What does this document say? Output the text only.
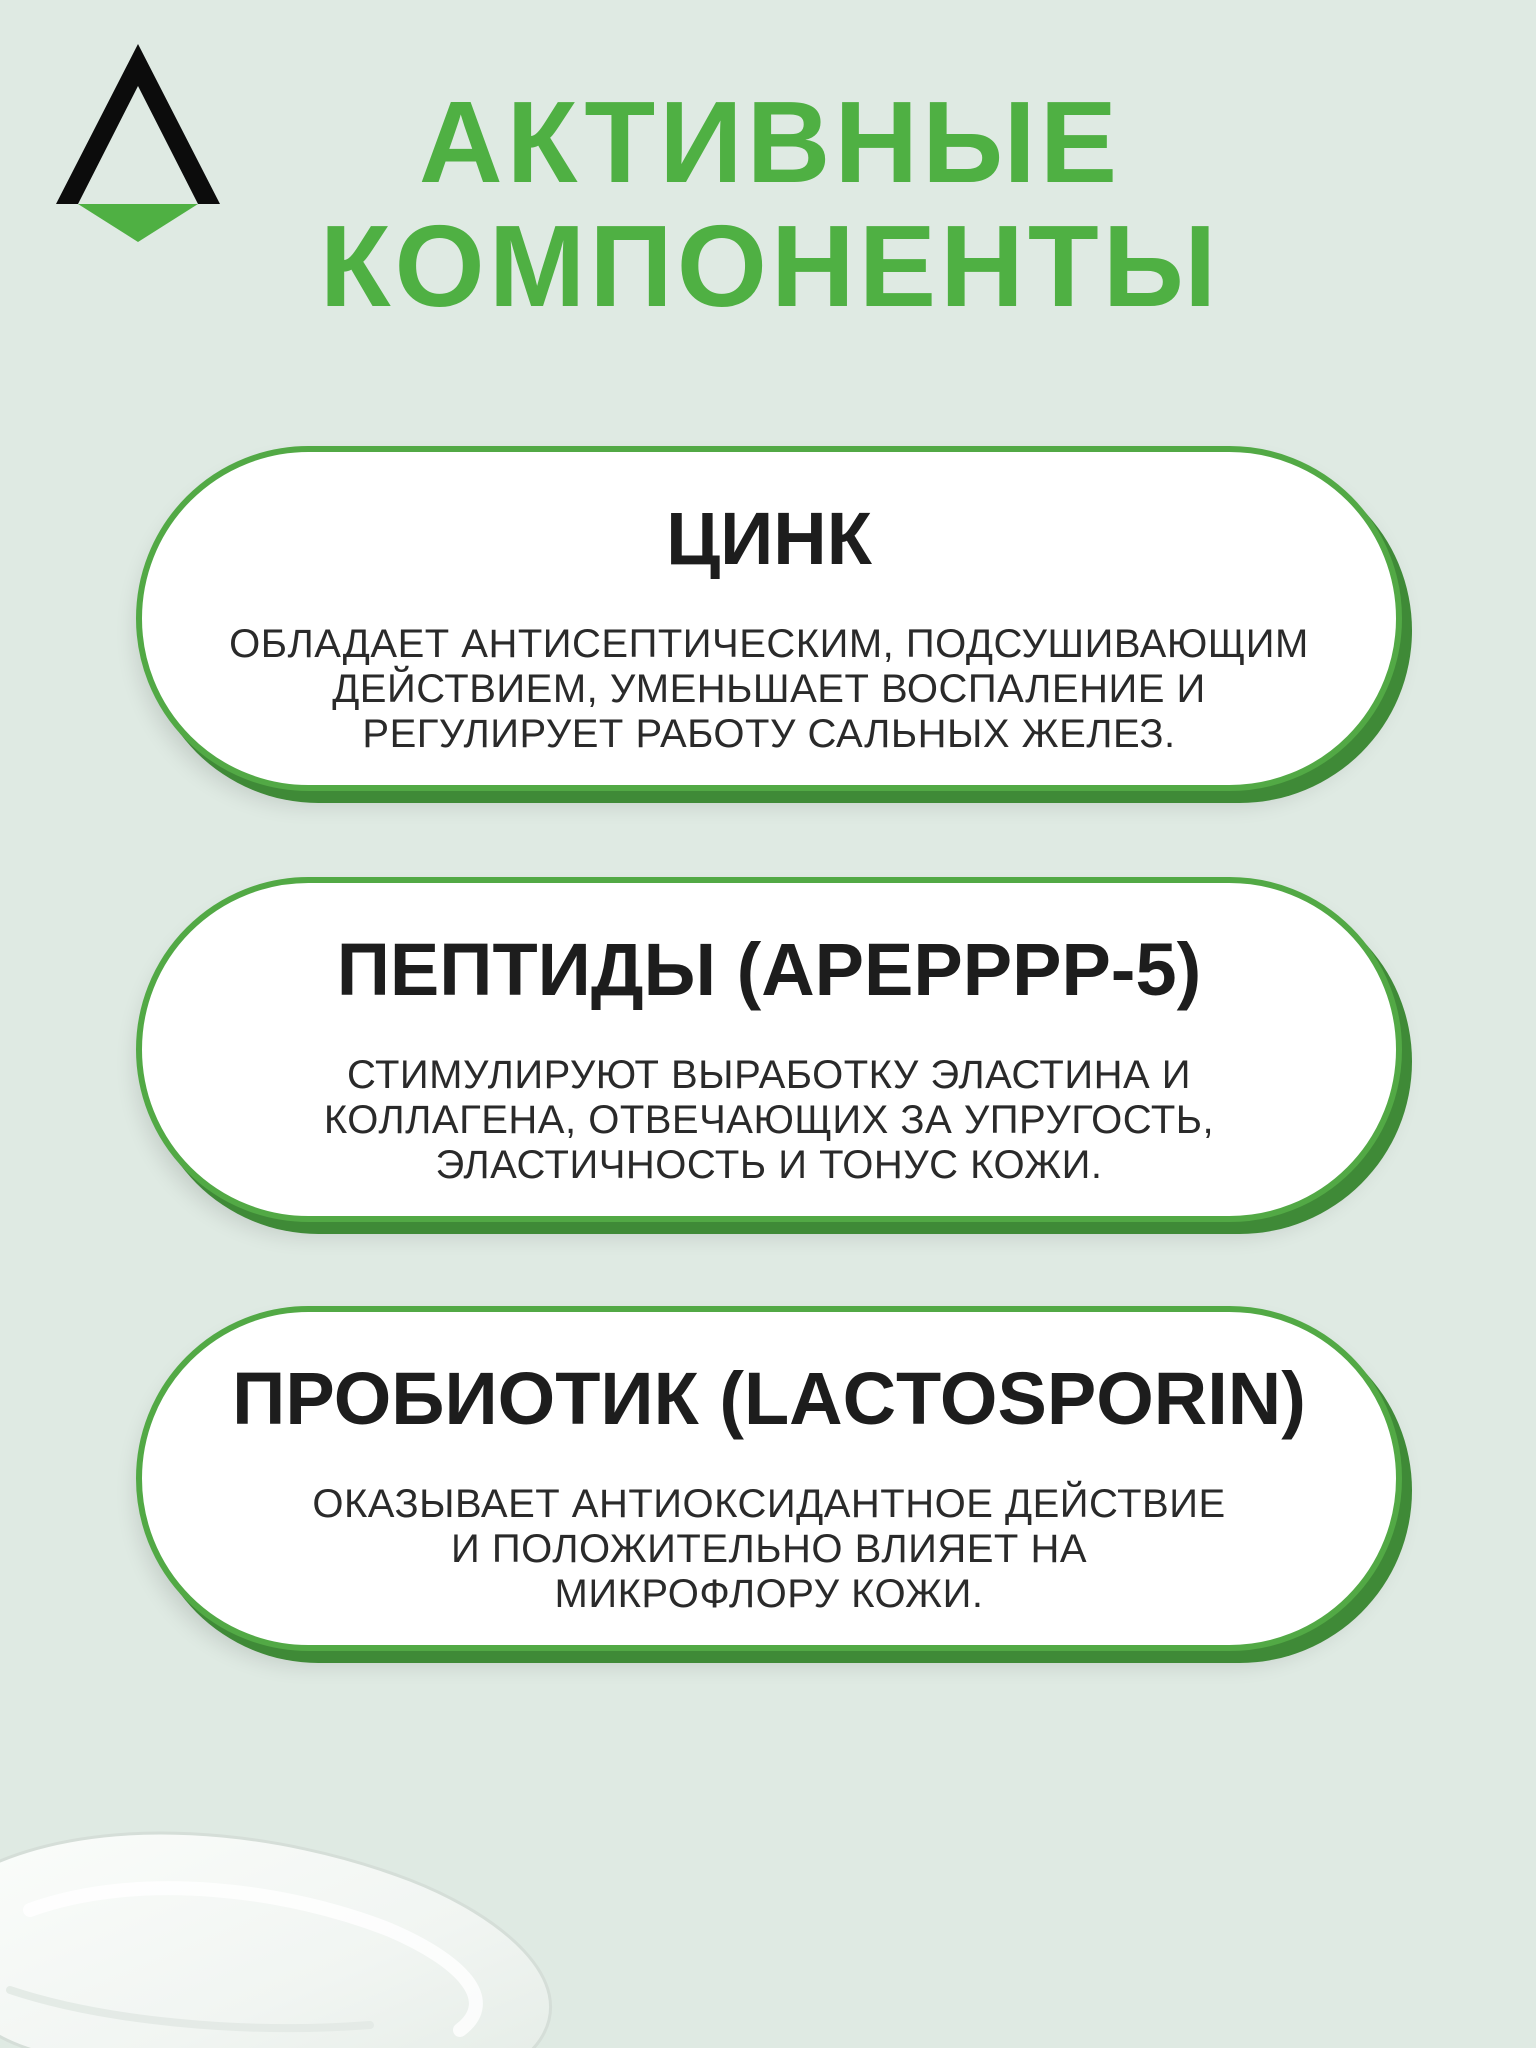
АКТИВНЫЕ
КОМПОНЕНТЫ
ЦИНК
ОБЛАДАЕТ АНТИСЕПТИЧЕСКИМ, ПОДСУШИВАЮЩИМ
ДЕЙСТВИЕМ, УМЕНЬШАЕТ ВОСПАЛЕНИЕ И
РЕГУЛИРУЕТ РАБОТУ САЛЬНЫХ ЖЕЛЕЗ.
ПЕПТИДЫ (APEPPPP-5)
СТИМУЛИРУЮТ ВЫРАБОТКУ ЭЛАСТИНА И
КОЛЛАГЕНА, ОТВЕЧАЮЩИХ ЗА УПРУГОСТЬ,
ЭЛАСТИЧНОСТЬ И ТОНУС КОЖИ.
ПРОБИОТИК (LACTOSPORIN)
ОКАЗЫВАЕТ АНТИОКСИДАНТНОЕ ДЕЙСТВИЕ
И ПОЛОЖИТЕЛЬНО ВЛИЯЕТ НА
МИКРОФЛОРУ КОЖИ.
